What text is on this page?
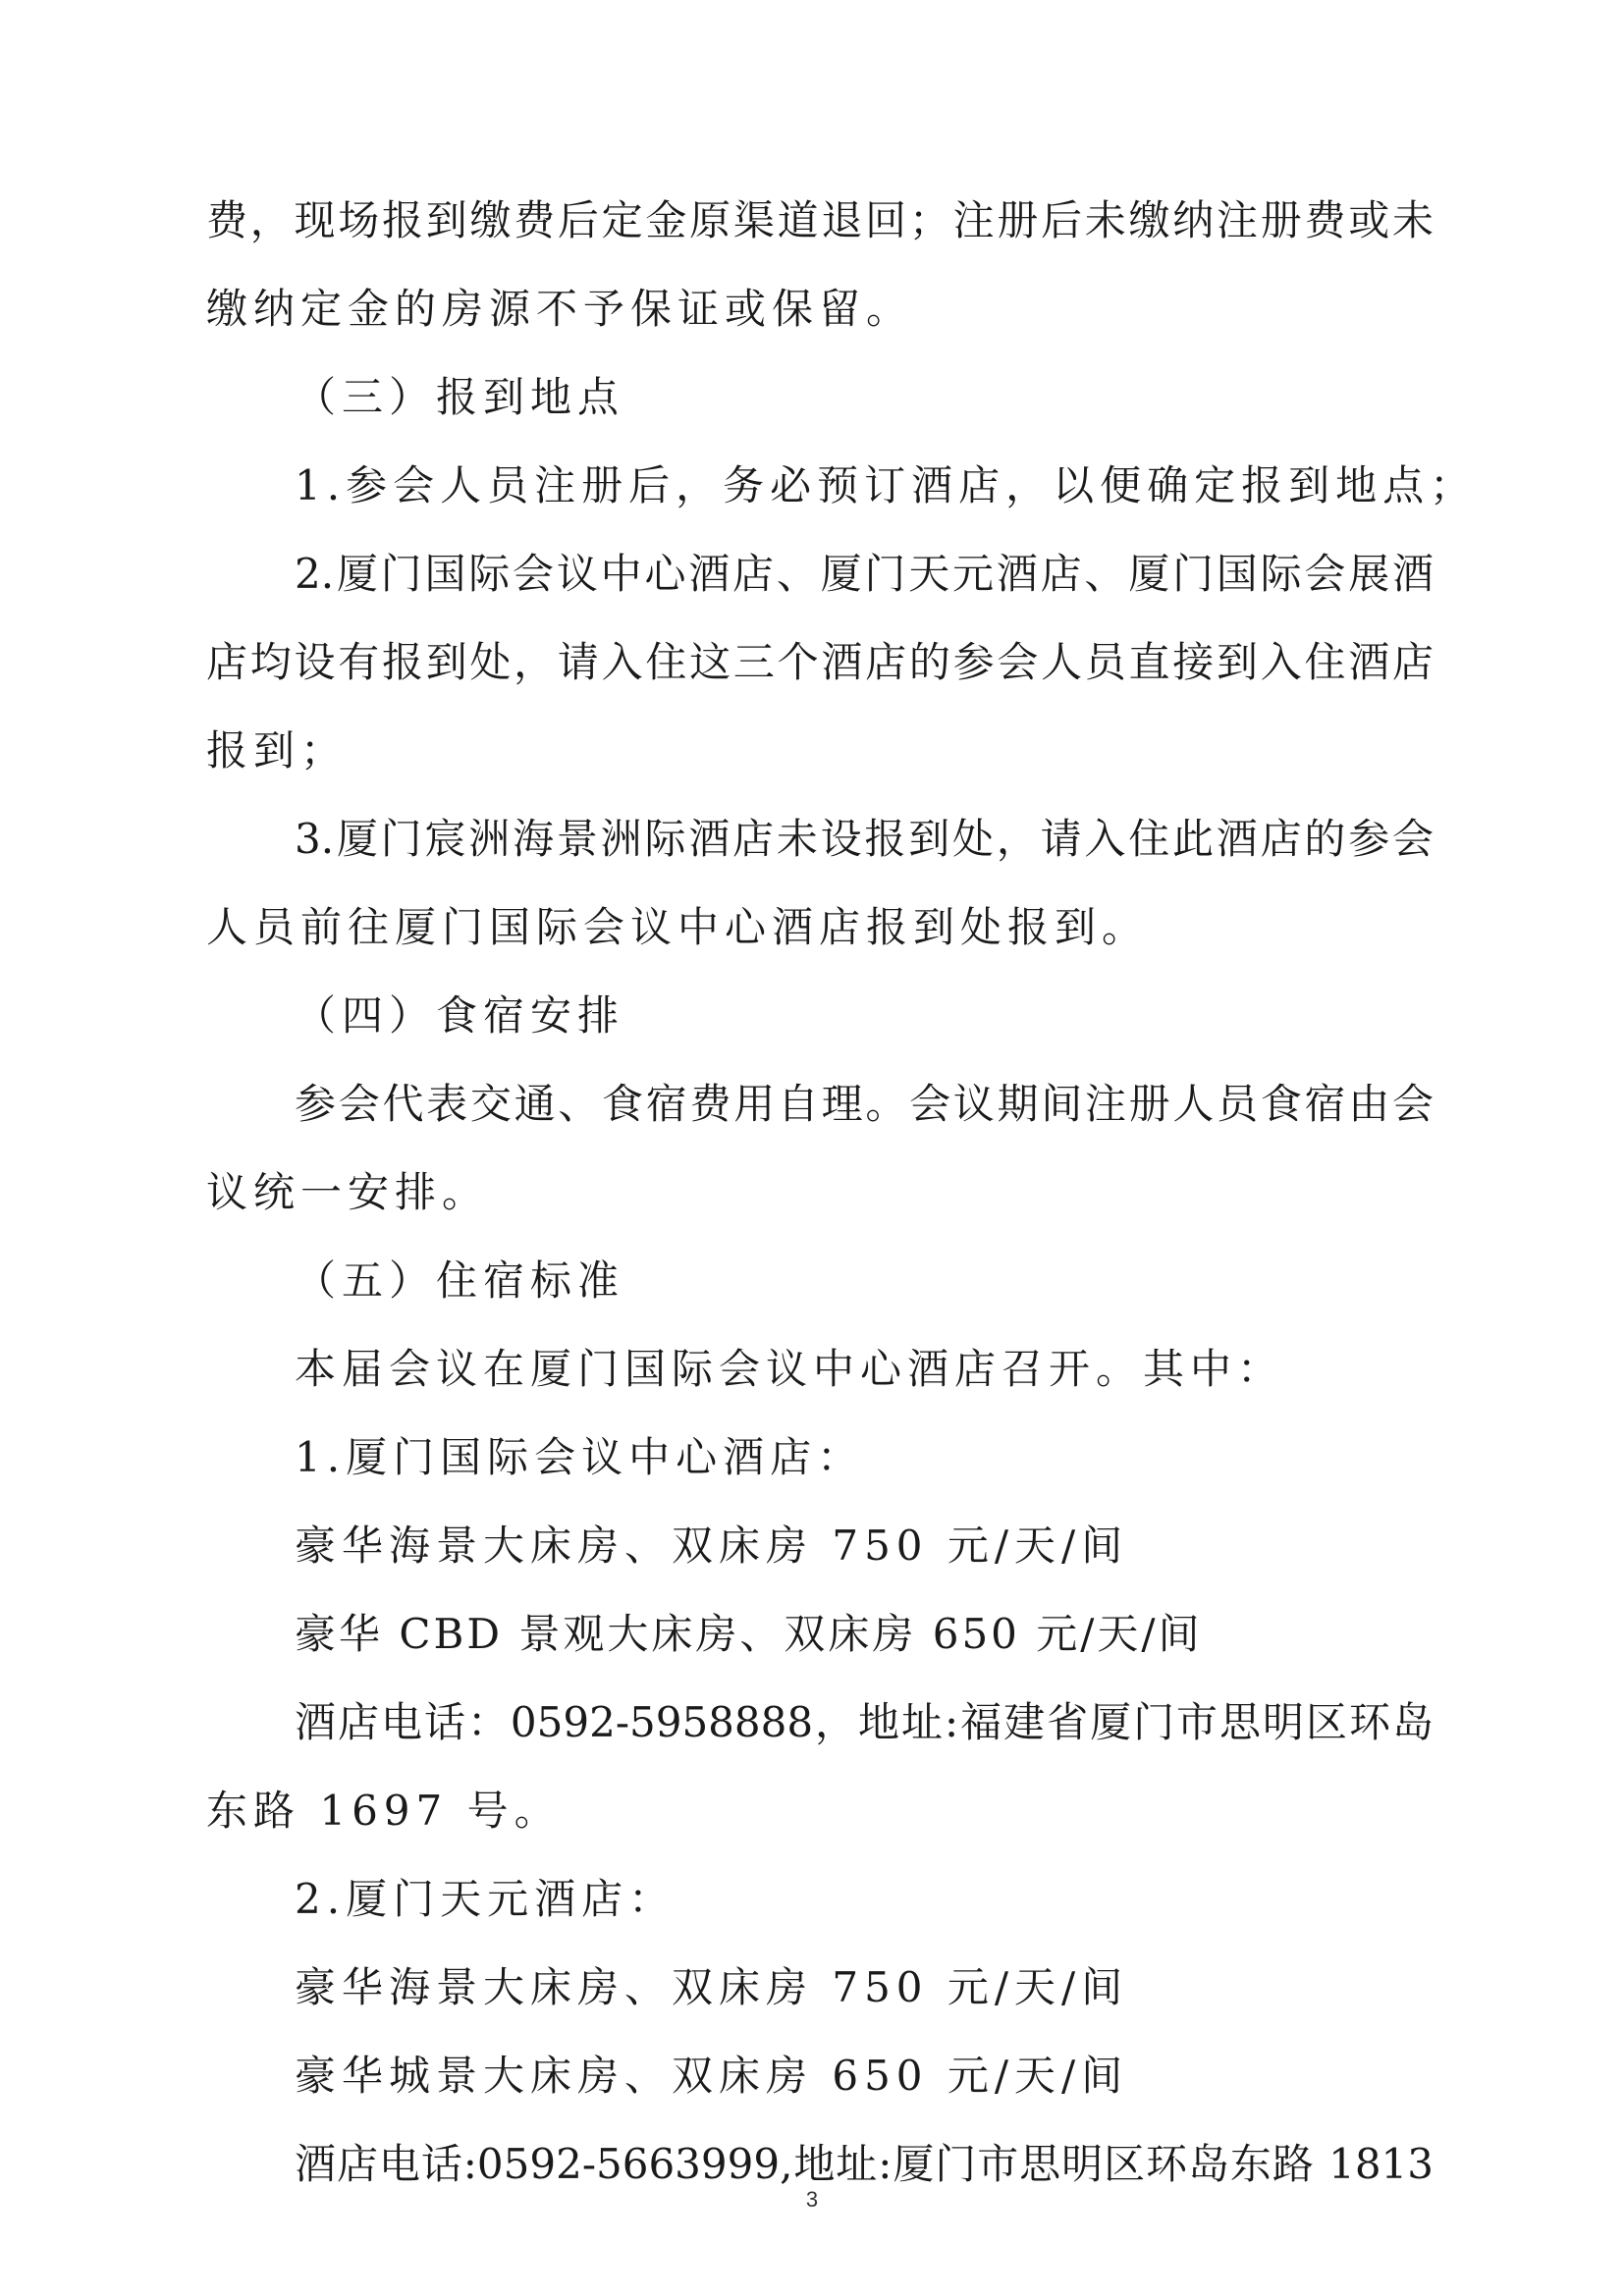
费，现场报到缴费后定金原渠道退回；注册后未缴纳注册费或未
缴纳定金的房源不予保证或保留。
（三）报到地点
1.参会人员注册后，务必预订酒店，以便确定报到地点；
2.厦门国际会议中心酒店、厦门天元酒店、厦门国际会展酒
店均设有报到处，请入住这三个酒店的参会人员直接到入住酒店
报到；
3.厦门宸洲海景洲际酒店未设报到处，请入住此酒店的参会
人员前往厦门国际会议中心酒店报到处报到。
（四）食宿安排
参会代表交通、食宿费用自理。会议期间注册人员食宿由会
议统一安排。
（五）住宿标准
本届会议在厦门国际会议中心酒店召开。其中：
1.厦门国际会议中心酒店：
豪华海景大床房、双床房 750 元/天/间
豪华 CBD 景观大床房、双床房 650 元/天/间
酒店电话：0592-5958888，地址:福建省厦门市思明区环岛
东路 1697 号。
2.厦门天元酒店：
豪华海景大床房、双床房 750 元/天/间
豪华城景大床房、双床房 650 元/天/间
酒店电话:0592-5663999,地址:厦门市思明区环岛东路 1813
3
